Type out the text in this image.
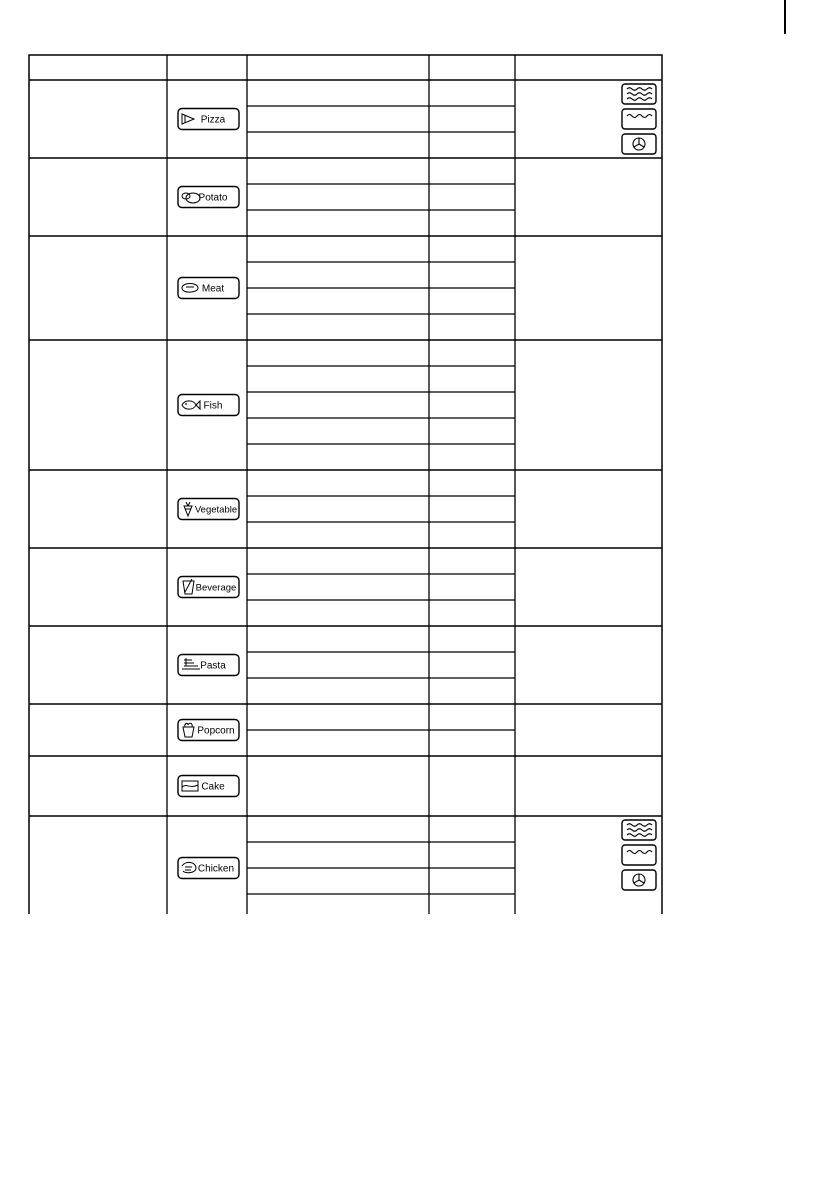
Pizza
Potato
Meat
Fish
Vegetable
Beverage
Pasta
Popcorn
Cake
Chicken
